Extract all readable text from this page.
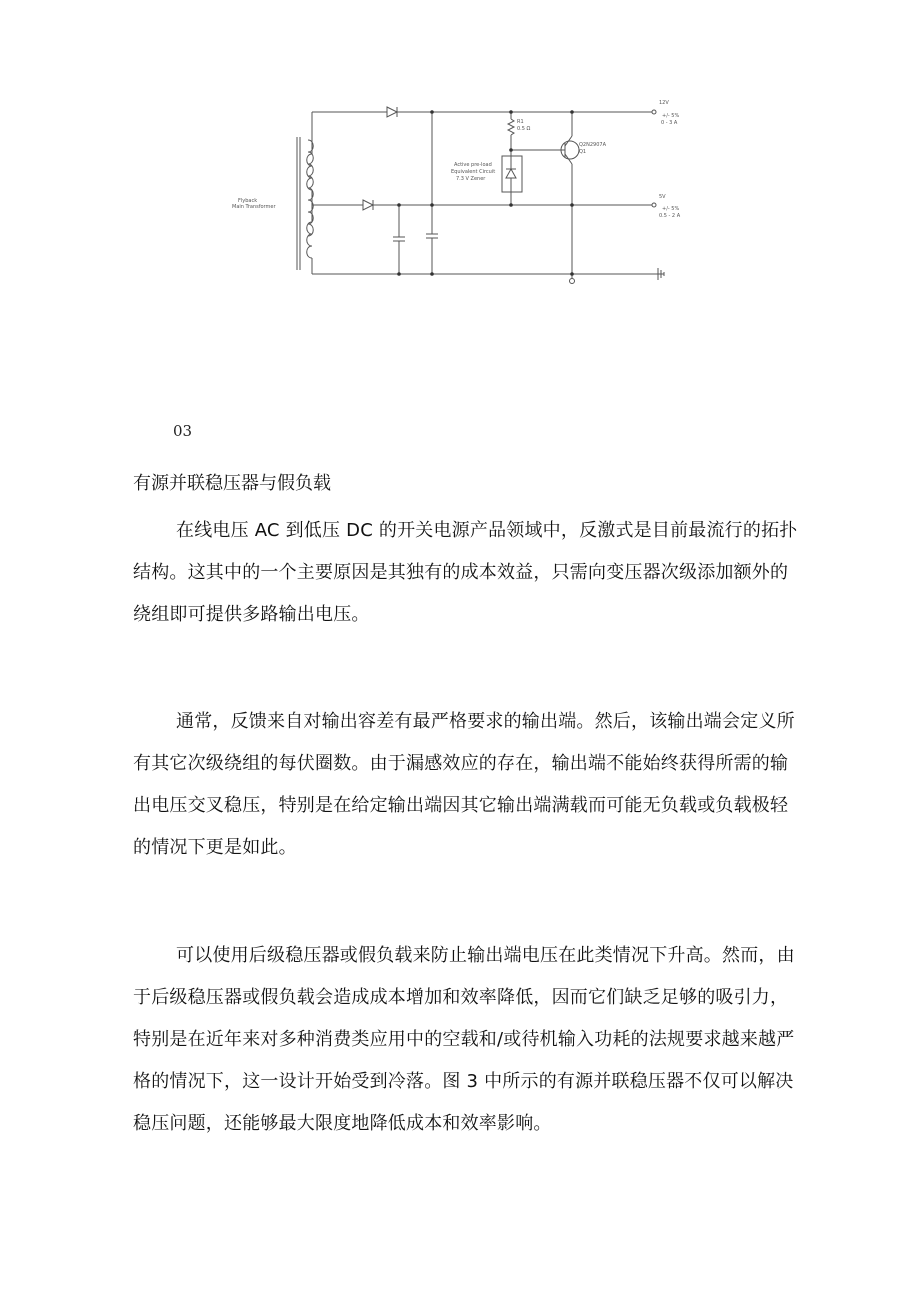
Flyback
Main Transformer
R1
0.5 Ω
Active pre-load
Equivalent Circuit
7.3 V Zener
Q2N2907A
Q1
12V
+/- 5%
0 - 3 A
5V
+/- 5%
0.5 - 2 A
03
有源并联稳压器与假负载

在线电压 AC 到低压 DC 的开关电源产品领域中，反激式是目前最流行的拓扑结构。这其中的一个主要原因是其独有的成本效益，只需向变压器次级添加额外的绕组即可提供多路输出电压。

通常，反馈来自对输出容差有最严格要求的输出端。然后，该输出端会定义所有其它次级绕组的每伏圈数。由于漏感效应的存在，输出端不能始终获得所需的输出电压交叉稳压，特别是在给定输出端因其它输出端满载而可能无负载或负载极轻的情况下更是如此。

可以使用后级稳压器或假负载来防止输出端电压在此类情况下升高。然而，由于后级稳压器或假负载会造成成本增加和效率降低，因而它们缺乏足够的吸引力，特别是在近年来对多种消费类应用中的空载和/或待机输入功耗的法规要求越来越严格的情况下，这一设计开始受到冷落。图 3 中所示的有源并联稳压器不仅可以解决稳压问题，还能够最大限度地降低成本和效率影响。
